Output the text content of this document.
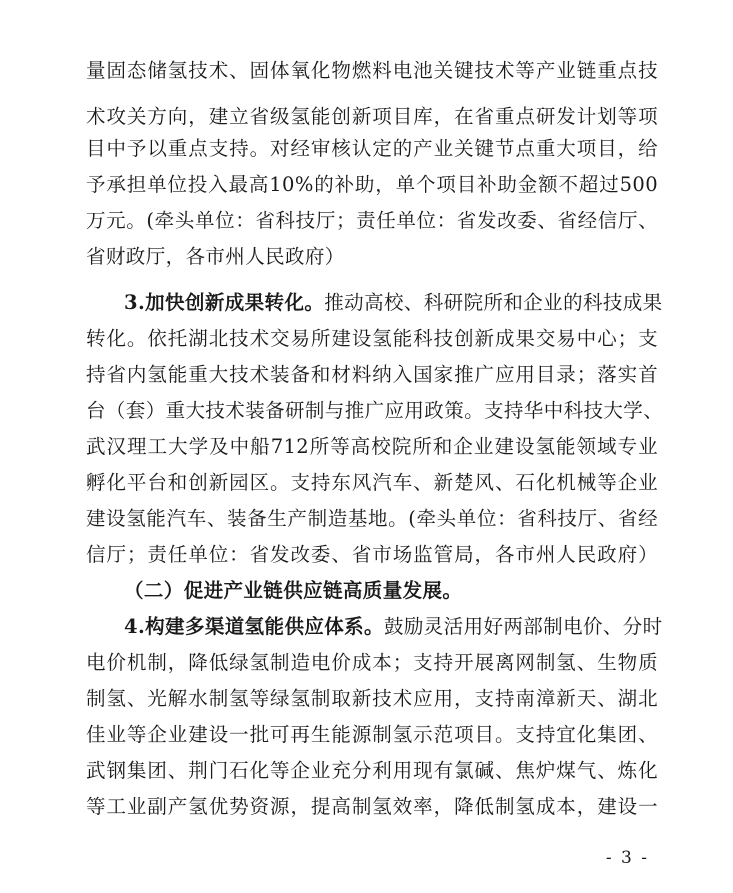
量固态储氢技术、固体氧化物燃料电池关键技术等产业链重点技
术攻关方向，建立省级氢能创新项目库，在省重点研发计划等项
目中予以重点支持。对经审核认定的产业关键节点重大项目，给
予承担单位投入最高10%的补助，单个项目补助金额不超过500
万元。(牵头单位：省科技厅；责任单位：省发改委、省经信厅、
省财政厅，各市州人民政府）
3.加快创新成果转化。推动高校、科研院所和企业的科技成果
转化。依托湖北技术交易所建设氢能科技创新成果交易中心；支
持省内氢能重大技术装备和材料纳入国家推广应用目录；落实首
台（套）重大技术装备研制与推广应用政策。支持华中科技大学、
武汉理工大学及中船712所等高校院所和企业建设氢能领域专业
孵化平台和创新园区。支持东风汽车、新楚风、石化机械等企业
建设氢能汽车、装备生产制造基地。(牵头单位：省科技厅、省经
信厅；责任单位：省发改委、省市场监管局，各市州人民政府）
（二）促进产业链供应链高质量发展。
4.构建多渠道氢能供应体系。鼓励灵活用好两部制电价、分时
电价机制，降低绿氢制造电价成本；支持开展离网制氢、生物质
制氢、光解水制氢等绿氢制取新技术应用，支持南漳新天、湖北
佳业等企业建设一批可再生能源制氢示范项目。支持宜化集团、
武钢集团、荆门石化等企业充分利用现有氯碱、焦炉煤气、炼化
等工业副产氢优势资源，提高制氢效率，降低制氢成本，建设一
- 3 -
